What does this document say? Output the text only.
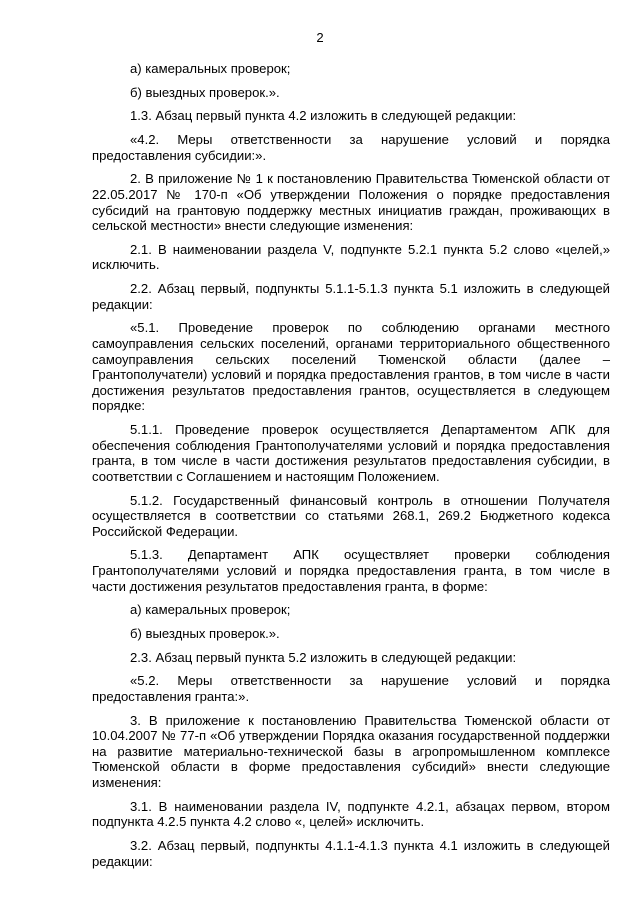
2

а) камеральных проверок;

б) выездных проверок.».

1.3. Абзац первый пункта 4.2 изложить в следующей редакции:

«4.2. Меры ответственности за нарушение условий и порядка предоставления субсидии:».

2. В приложение № 1 к постановлению Правительства Тюменской области от 22.05.2017 № 170-п «Об утверждении Положения о порядке предоставления субсидий на грантовую поддержку местных инициатив граждан, проживающих в сельской местности» внести следующие изменения:

2.1. В наименовании раздела V, подпункте 5.2.1 пункта 5.2 слово «целей,» исключить.

2.2. Абзац первый, подпункты 5.1.1-5.1.3 пункта 5.1 изложить в следующей редакции:

«5.1. Проведение проверок по соблюдению органами местного самоуправления сельских поселений, органами территориального общественного самоуправления сельских поселений Тюменской области (далее – Грантополучатели) условий и порядка предоставления грантов, в том числе в части достижения результатов предоставления грантов, осуществляется в следующем порядке:

5.1.1. Проведение проверок осуществляется Департаментом АПК для обеспечения соблюдения Грантополучателями условий и порядка предоставления гранта, в том числе в части достижения результатов предоставления субсидии, в соответствии с Соглашением и настоящим Положением.

5.1.2. Государственный финансовый контроль в отношении Получателя осуществляется в соответствии со статьями 268.1, 269.2 Бюджетного кодекса Российской Федерации.

5.1.3. Департамент АПК осуществляет проверки соблюдения Грантополучателями условий и порядка предоставления гранта, в том числе в части достижения результатов предоставления гранта, в форме:

а) камеральных проверок;

б) выездных проверок.».

2.3. Абзац первый пункта 5.2 изложить в следующей редакции:

«5.2. Меры ответственности за нарушение условий и порядка предоставления гранта:».

3. В приложение к постановлению Правительства Тюменской области от 10.04.2007 № 77-п «Об утверждении Порядка оказания государственной поддержки на развитие материально-технической базы в агропромышленном комплексе Тюменской области в форме предоставления субсидий» внести следующие изменения:

3.1. В наименовании раздела IV, подпункте 4.2.1, абзацах первом, втором подпункта 4.2.5 пункта 4.2 слово «, целей» исключить.

3.2. Абзац первый, подпункты 4.1.1-4.1.3 пункта 4.1 изложить в следующей редакции:
